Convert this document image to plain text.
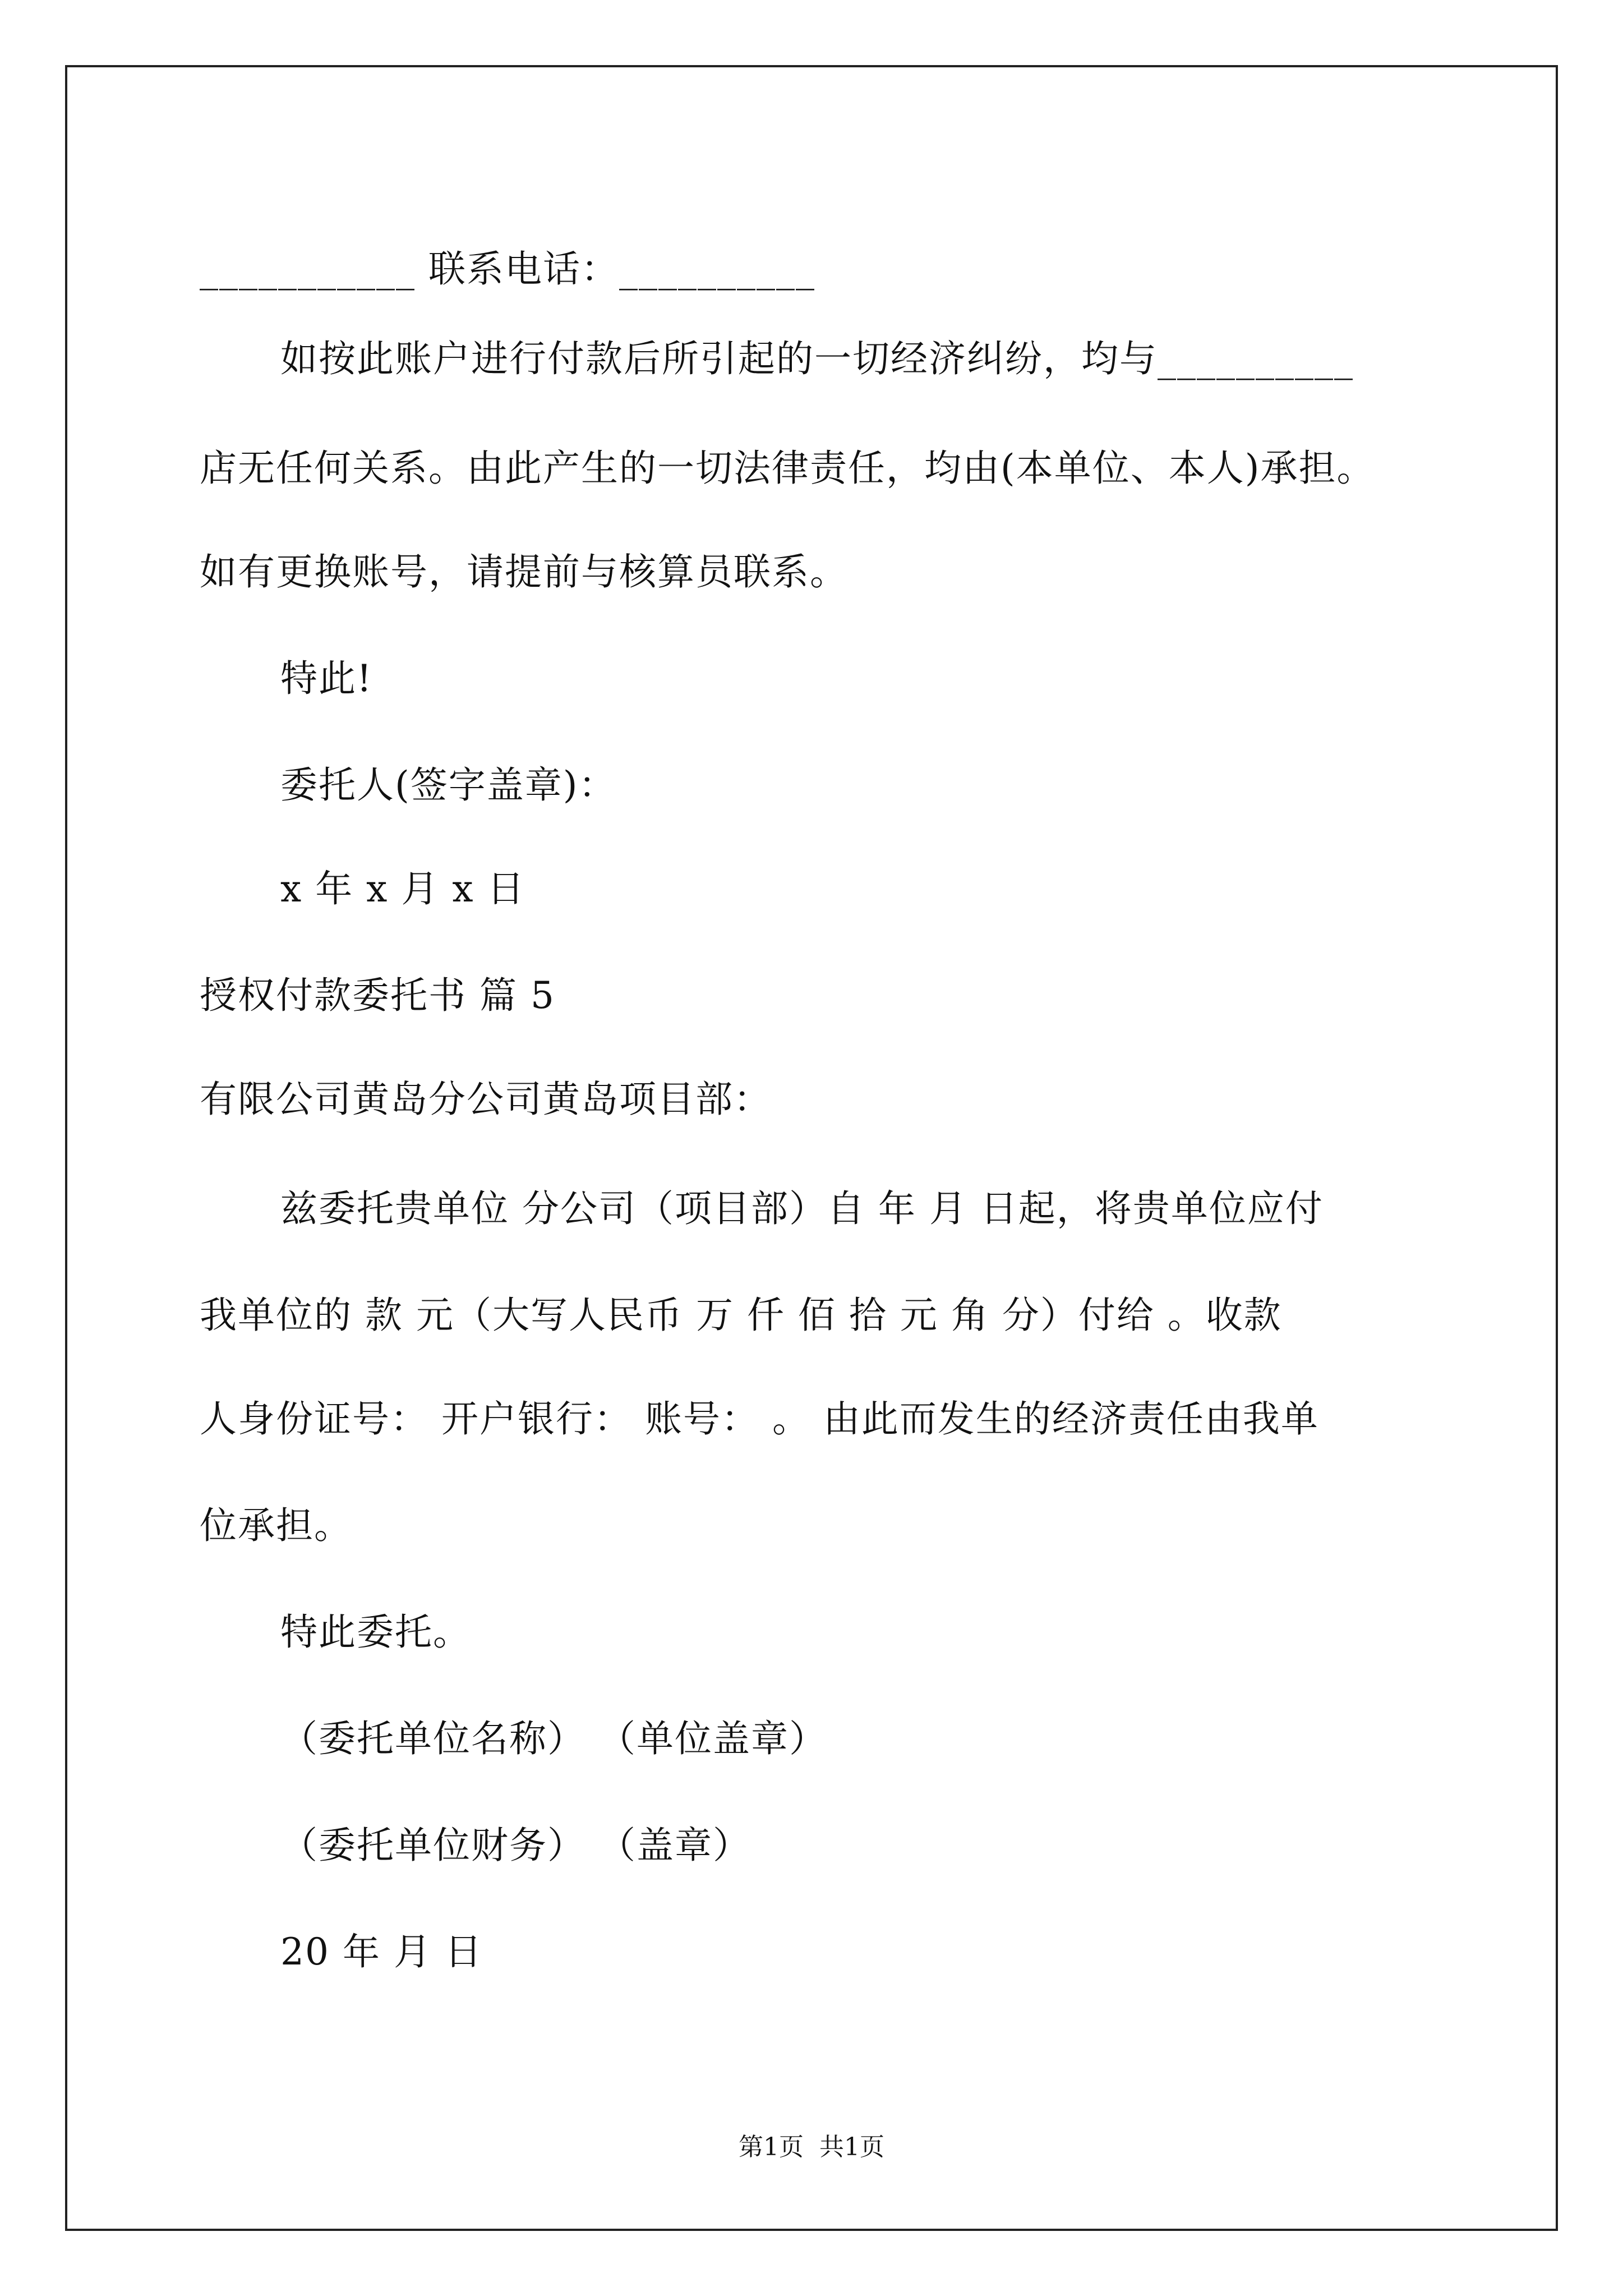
___________ 联系电话：__________
如按此账户进行付款后所引起的一切经济纠纷，均与__________
店无任何关系。由此产生的一切法律责任，均由(本单位、本人)承担。
如有更换账号，请提前与核算员联系。
特此!
委托人(签字盖章)：
x 年 x 月 x 日
授权付款委托书 篇 5
有限公司黄岛分公司黄岛项目部：
兹委托贵单位 分公司（项目部）自 年 月 日起，将贵单位应付
我单位的 款 元（大写人民币 万 仟 佰 拾 元 角 分）付给 。收款
人身份证号： 开户银行： 账号： 。 由此而发生的经济责任由我单
位承担。
特此委托。
（委托单位名称） （单位盖章）
（委托单位财务） （盖章）
20 年 月 日
第1页  共1页
